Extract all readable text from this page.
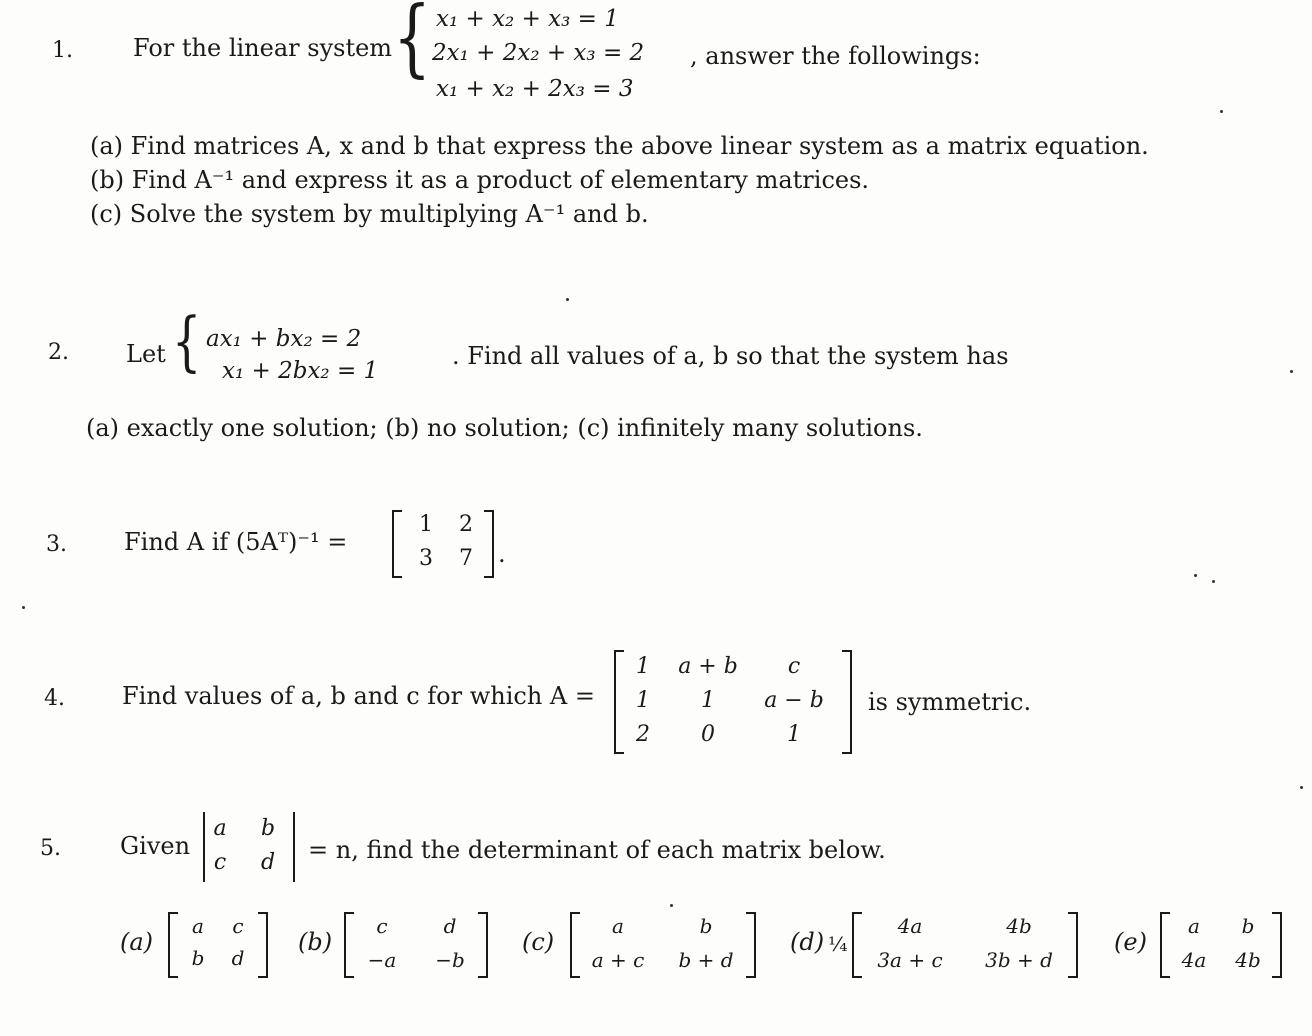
1.	For the linear system { x₁ + x₂ + x₃ = 1
2x₁ + 2x₂ + x₃ = 2
x₁ + x₂ + 2x₃ = 3
, answer the followings:
(a) Find matrices A, x and b that express the above linear system as a matrix equation.
(b) Find A⁻¹ and express it as a product of elementary matrices.
(c) Solve the system by multiplying A⁻¹ and b.
2. Let { ax₁ + bx₂ = 2
x₁ + 2bx₂ = 1
. Find all values of a, b so that the system has
(a) exactly one solution; (b) no solution; (c) infinitely many solutions.
3. Find A if (5Aᵀ)⁻¹ =
1	2
3	7	.
4. Find values of a, b and c for which A =
1	a + b	c
1	1	a − b
2	0	1
is symmetric.
5. Given
a	b
c	d	= n, find the determinant of each matrix below.
(a)
a	c
b	d
(b)
c	d
−a	−b
(c)
a	b
a + c	b + d
(d) ¼
4a	4b
3a + c	3b + d
(e)
a	b
4a	4b
